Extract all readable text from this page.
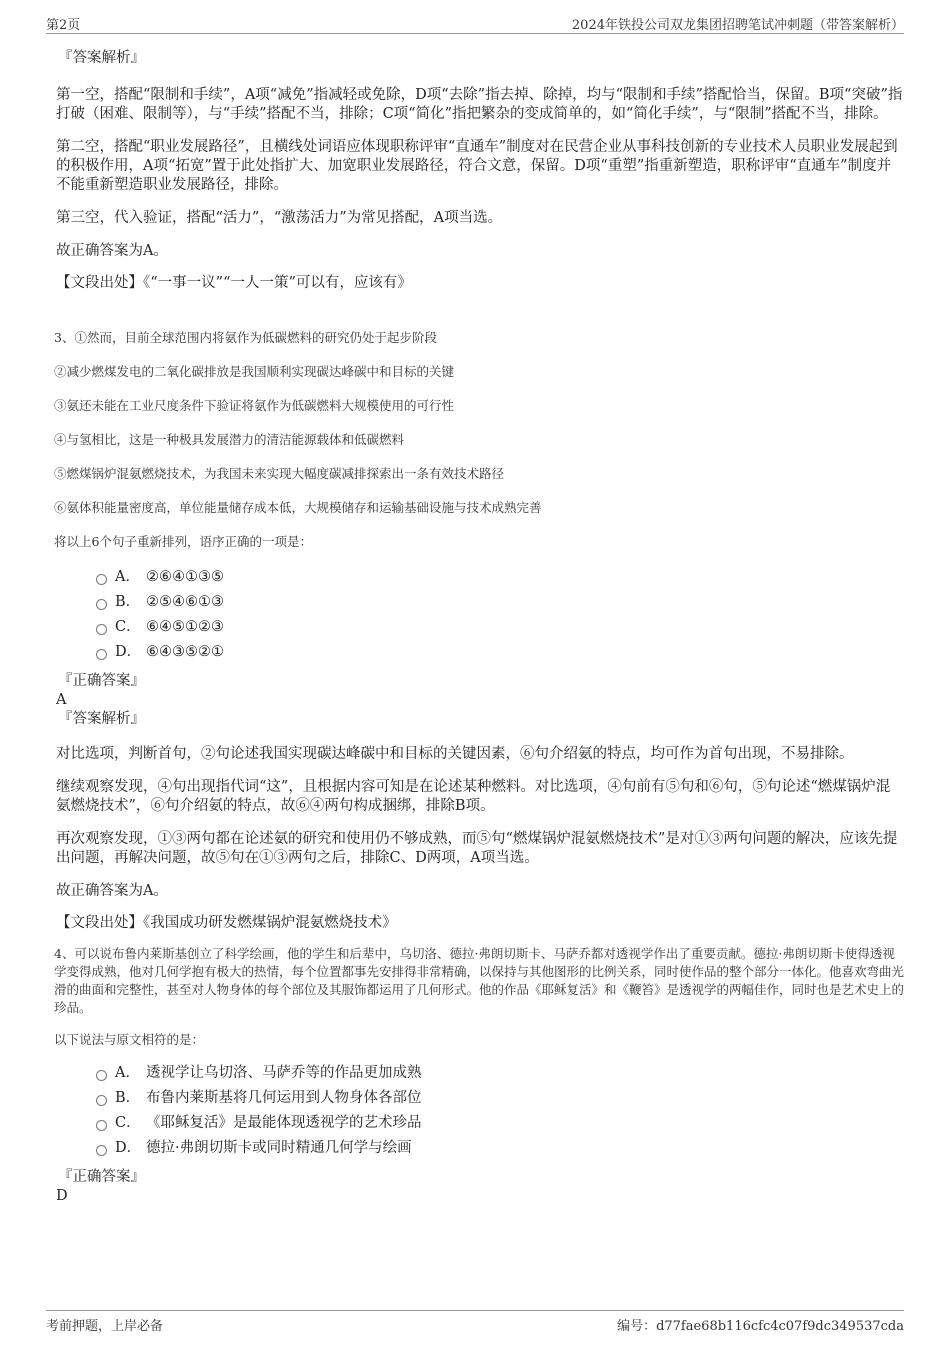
第2页	2024年铁投公司双龙集团招聘笔试冲刺题（带答案解析）
『答案解析』
第一空，搭配“限制和手续”，A项“减免”指减轻或免除，D项“去除”指去掉、除掉，均与“限制和手续”搭配恰当，保留。B项“突破”指打破（困难、限制等），与“手续”搭配不当，排除；C项“简化”指把繁杂的变成简单的，如“简化手续”，与“限制”搭配不当，排除。
第二空，搭配“职业发展路径”，且横线处词语应体现职称评审“直通车”制度对在民营企业从事科技创新的专业技术人员职业发展起到的积极作用，A项“拓宽”置于此处指扩大、加宽职业发展路径，符合文意，保留。D项“重塑”指重新塑造，职称评审“直通车”制度并不能重新塑造职业发展路径，排除。
第三空，代入验证，搭配“活力”，“激荡活力”为常见搭配，A项当选。
故正确答案为A。
【文段出处】《“一事一议”“一人一策”可以有，应该有》
3、①然而，目前全球范围内将氨作为低碳燃料的研究仍处于起步阶段
②减少燃煤发电的二氧化碳排放是我国顺利实现碳达峰碳中和目标的关键
③氨还未能在工业尺度条件下验证将氨作为低碳燃料大规模使用的可行性
④与氢相比，这是一种极具发展潜力的清洁能源载体和低碳燃料
⑤燃煤锅炉混氨燃烧技术，为我国未来实现大幅度碳减排探索出一条有效技术路径
⑥氨体积能量密度高，单位能量储存成本低，大规模储存和运输基础设施与技术成熟完善
将以上6个句子重新排列，语序正确的一项是：
A． ②⑥④①③⑤
B． ②⑤④⑥①③
C． ⑥④⑤①②③
D． ⑥④③⑤②①
『正确答案』
A
『答案解析』
对比选项，判断首句，②句论述我国实现碳达峰碳中和目标的关键因素，⑥句介绍氨的特点，均可作为首句出现，不易排除。
继续观察发现，④句出现指代词“这”，且根据内容可知是在论述某种燃料。对比选项，④句前有⑤句和⑥句，⑤句论述“燃煤锅炉混氨燃烧技术”，⑥句介绍氨的特点，故⑥④两句构成捆绑，排除B项。
再次观察发现，①③两句都在论述氨的研究和使用仍不够成熟，而⑤句“燃煤锅炉混氨燃烧技术”是对①③两句问题的解决，应该先提出问题，再解决问题，故⑤句在①③两句之后，排除C、D两项，A项当选。
故正确答案为A。
【文段出处】《我国成功研发燃煤锅炉混氨燃烧技术》
4、可以说布鲁内莱斯基创立了科学绘画，他的学生和后辈中，乌切洛、德拉·弗朗切斯卡、马萨乔都对透视学作出了重要贡献。德拉·弗朗切斯卡使得透视学变得成熟，他对几何学抱有极大的热情，每个位置都事先安排得非常精确，以保持与其他图形的比例关系，同时使作品的整个部分一体化。他喜欢弯曲光滑的曲面和完整性，甚至对人物身体的每个部位及其服饰都运用了几何形式。他的作品《耶稣复活》和《鞭笞》是透视学的两幅佳作，同时也是艺术史上的珍品。
以下说法与原文相符的是：
A． 透视学让乌切洛、马萨乔等的作品更加成熟
B． 布鲁内莱斯基将几何运用到人物身体各部位
C． 《耶稣复活》是最能体现透视学的艺术珍品
D． 德拉·弗朗切斯卡或同时精通几何学与绘画
『正确答案』
D
考前押题，上岸必备	编号：d77fae68b116cfc4c07f9dc349537cda
